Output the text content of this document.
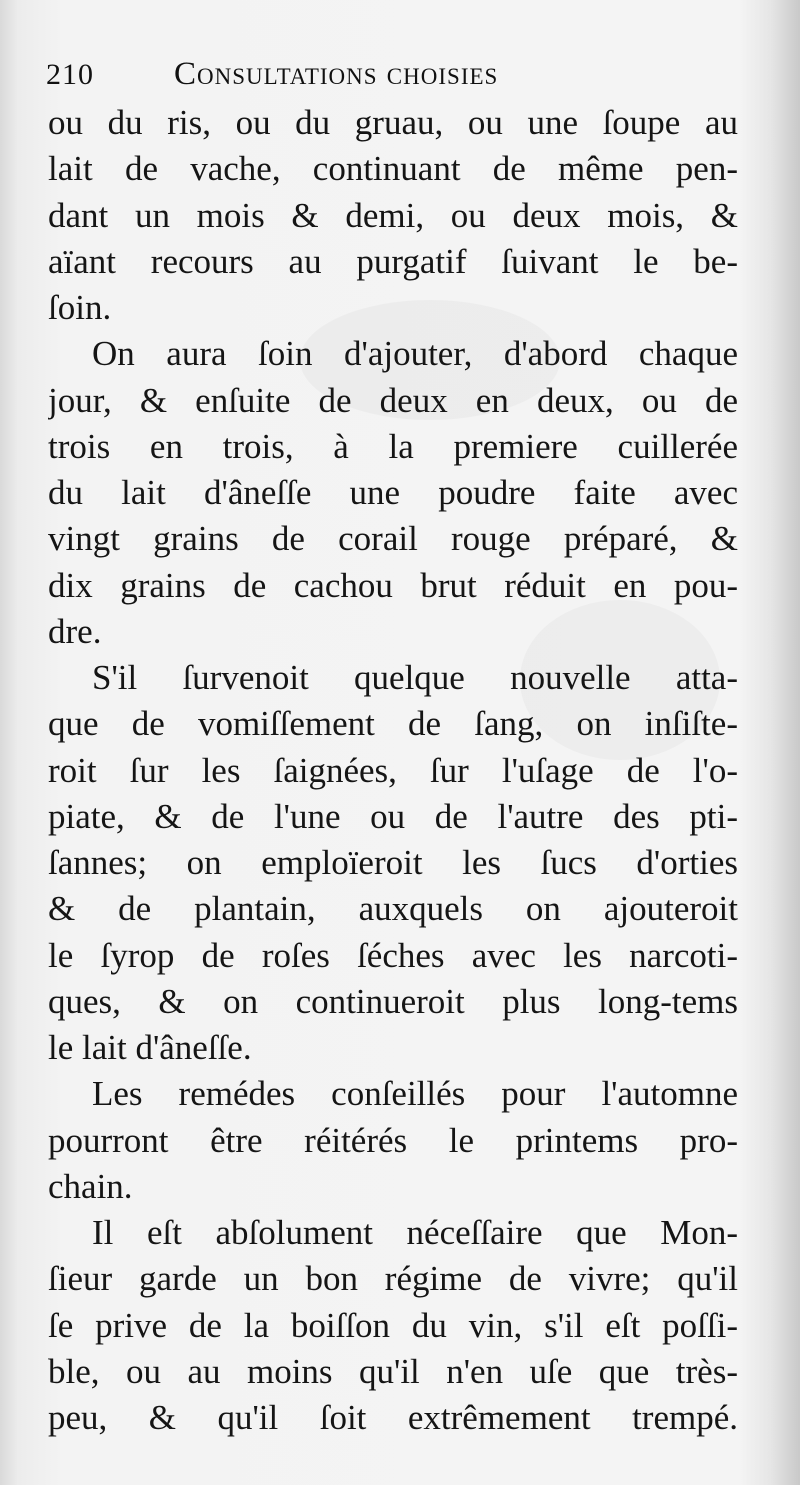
210 Consultations choisies
ou du ris, ou du gruau, ou une ſoupe au
lait de vache, continuant de même pen-
dant un mois & demi, ou deux mois, &
aïant recours au purgatif ſuivant le be-
ſoin.
On aura ſoin d'ajouter, d'abord chaque
jour, & enſuite de deux en deux, ou de
trois en trois, à la premiere cuillerée
du lait d'âneſſe une poudre faite avec
vingt grains de corail rouge préparé, &
dix grains de cachou brut réduit en pou-
dre.
S'il ſurvenoit quelque nouvelle atta-
que de vomiſſement de ſang, on inſiſte-
roit ſur les ſaignées, ſur l'uſage de l'o-
piate, & de l'une ou de l'autre des pti-
ſannes; on emploïeroit les ſucs d'orties
& de plantain, auxquels on ajouteroit
le ſyrop de roſes ſéches avec les narcoti-
ques, & on continueroit plus long-tems
le lait d'âneſſe.
Les remédes conſeillés pour l'automne
pourront être réitérés le printems pro-
chain.
Il eſt abſolument néceſſaire que Mon-
ſieur garde un bon régime de vivre; qu'il
ſe prive de la boiſſon du vin, s'il eſt poſſi-
ble, ou au moins qu'il n'en uſe que très-
peu, & qu'il ſoit extrêmement trempé.
